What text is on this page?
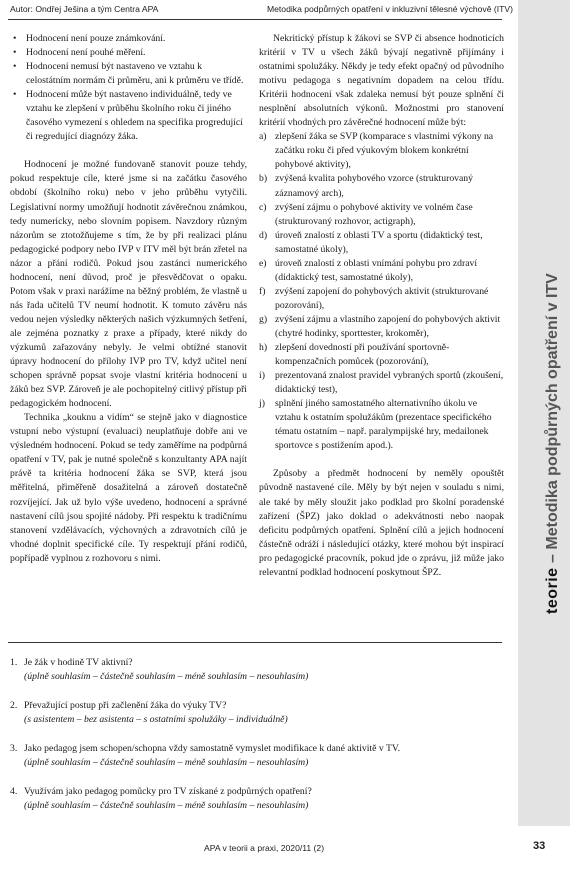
Autor: Ondřej Ješina a tým Centra APA	Metodika podpůrných opatření v inkluzivní tělesné výchově (ITV)
• Hodnocení není pouze známkování.
• Hodnocení není pouhé měření.
• Hodnocení nemusí být nastaveno ve vztahu k celostátním normám či průměru, ani k průměru ve třídě.
• Hodnocení může být nastaveno individuálně, tedy ve vztahu ke zlepšení v průběhu školního roku či jiného časového vymezení s ohledem na specifika progredující či regredující diagnózy žáka.

Hodnocení je možné fundovaně stanovit pouze tehdy, pokud respektuje cíle, které jsme si na začátku časového období (školního roku) nebo v jeho průběhu vytyčili. Legislativní normy umožňují hodnotit závěrečnou známkou, tedy numericky, nebo slovním popisem. Navzdory různým názorům se ztotožňujeme s tím, že by při realizaci plánu pedagogické podpory nebo IVP v ITV měl být brán zřetel na názor a přání rodičů. Pokud jsou zastánci numerického hodnocení, není důvod, proč je přesvědčovat o opaku. Potom však v praxi narážíme na běžný problém, že vlastně u nás řada učitelů TV neumí hodnotit. K tomuto závěru nás vedou nejen výsledky některých našich výzkumných šetření, ale zejména poznatky z praxe a případy, které nikdy do výzkumů zařazovány nebyly. Je velmi obtížné stanovit úpravy hodnocení do přílohy IVP pro TV, když učitel není schopen správně popsat svoje vlastní kritéria hodnocení u žáků bez SVP. Zároveň je ale pochopitelný citlivý přístup při pedagogickém hodnocení.

Technika „kouknu a vidím“ se stejně jako v diagnostice vstupní nebo výstupní (evaluaci) neuplatňuje dobře ani ve výsledném hodnocení. Pokud se tedy zaměříme na podpůrná opatření v TV, pak je nutné společně s konzultanty APA najít právě ta kritéria hodnocení žáka se SVP, která jsou měřitelná, přiměřeně dosažitelná a zároveň dostatečně rozvíjející. Jak už bylo výše uvedeno, hodnocení a správné nastavení cílů jsou spojité nádoby. Při respektu k tradičnímu stanovení vzdělávacích, výchovných a zdravotních cílů je vhodné doplnit specifické cíle. Ty respektují přání rodičů, popřípadě vyplnou z rozhovoru s nimi.

Nekritický přístup k žákovi se SVP či absence hodnoticích kritérií v TV u všech žáků bývají negativně přijímány i ostatními spolužáky. Někdy je tedy efekt opačný od původního motivu pedagoga s negativním dopadem na celou třídu. Kritérii hodnocení však zdaleka nemusí být pouze splnění či nesplnění absolutních výkonů. Možnostmi pro stanovení kritérií vhodných pro závěrečné hodnocení může být:

a) zlepšení žáka se SVP (komparace s vlastními výkony na začátku roku či před výukovým blokem konkrétní pohybové aktivity),
b) zvýšená kvalita pohybového vzorce (strukturovaný záznamový arch),
c) zvýšení zájmu o pohybové aktivity ve volném čase (strukturovaný rozhovor, actigraph),
d) úroveň znalostí z oblasti TV a sportu (didaktický test, samostatné úkoly),
e) úroveň znalostí z oblasti vnímání pohybu pro zdraví (didaktický test, samostatné úkoly),
f) zvýšení zapojení do pohybových aktivit (strukturované pozorování),
g) zvýšení zájmu a vlastního zapojení do pohybových aktivit (chytré hodinky, sporttester, krokoměr),
h) zlepšení dovedností při používání sportovně-kompenzačních pomůcek (pozorování),
i) prezentovaná znalost pravidel vybraných sportů (zkoušení, didaktický test),
j) splnění jiného samostatného alternativního úkolu ve vztahu k ostatním spolužákům (prezentace specifického tématu ostatním – např. paralympijské hry, medailonek sportovce s postižením apod.).

Způsoby a předmět hodnocení by neměly opouštět původně nastavené cíle. Měly by být nejen v souladu s nimi, ale také by měly sloužit jako podklad pro školní poradenské zařízení (ŠPZ) jako doklad o adekvátnosti nebo naopak deficitu podpůrných opatření. Splnění cílů a jejich hodnocení částečně odráží i následující otázky, které mohou být inspirací pro pedagogické pracovník, pokud jde o zprávu, již může jako relevantní podklad hodnocení poskytnout ŠPZ.

1. Je žák v hodině TV aktivní?
(úplně souhlasím – částečně souhlasím – méně souhlasím – nesouhlasím)
2. Převažující postup při začlenění žáka do výuky TV?
(s asistentem – bez asistenta – s ostatními spolužáky – individuálně)
3. Jako pedagog jsem schopen/schopna vždy samostatně vymyslet modifikace k dané aktivitě v TV.
(úplně souhlasím – částečně souhlasím – méně souhlasím – nesouhlasím)
4. Využívám jako pedagog pomůcky pro TV získané z podpůrných opatření?
(úplně souhlasím – částečně souhlasím – méně souhlasím – nesouhlasím)
APA v teorii a praxi, 2020/11 (2)
teorie – Metodika podpůrných opatření v ITV
33
